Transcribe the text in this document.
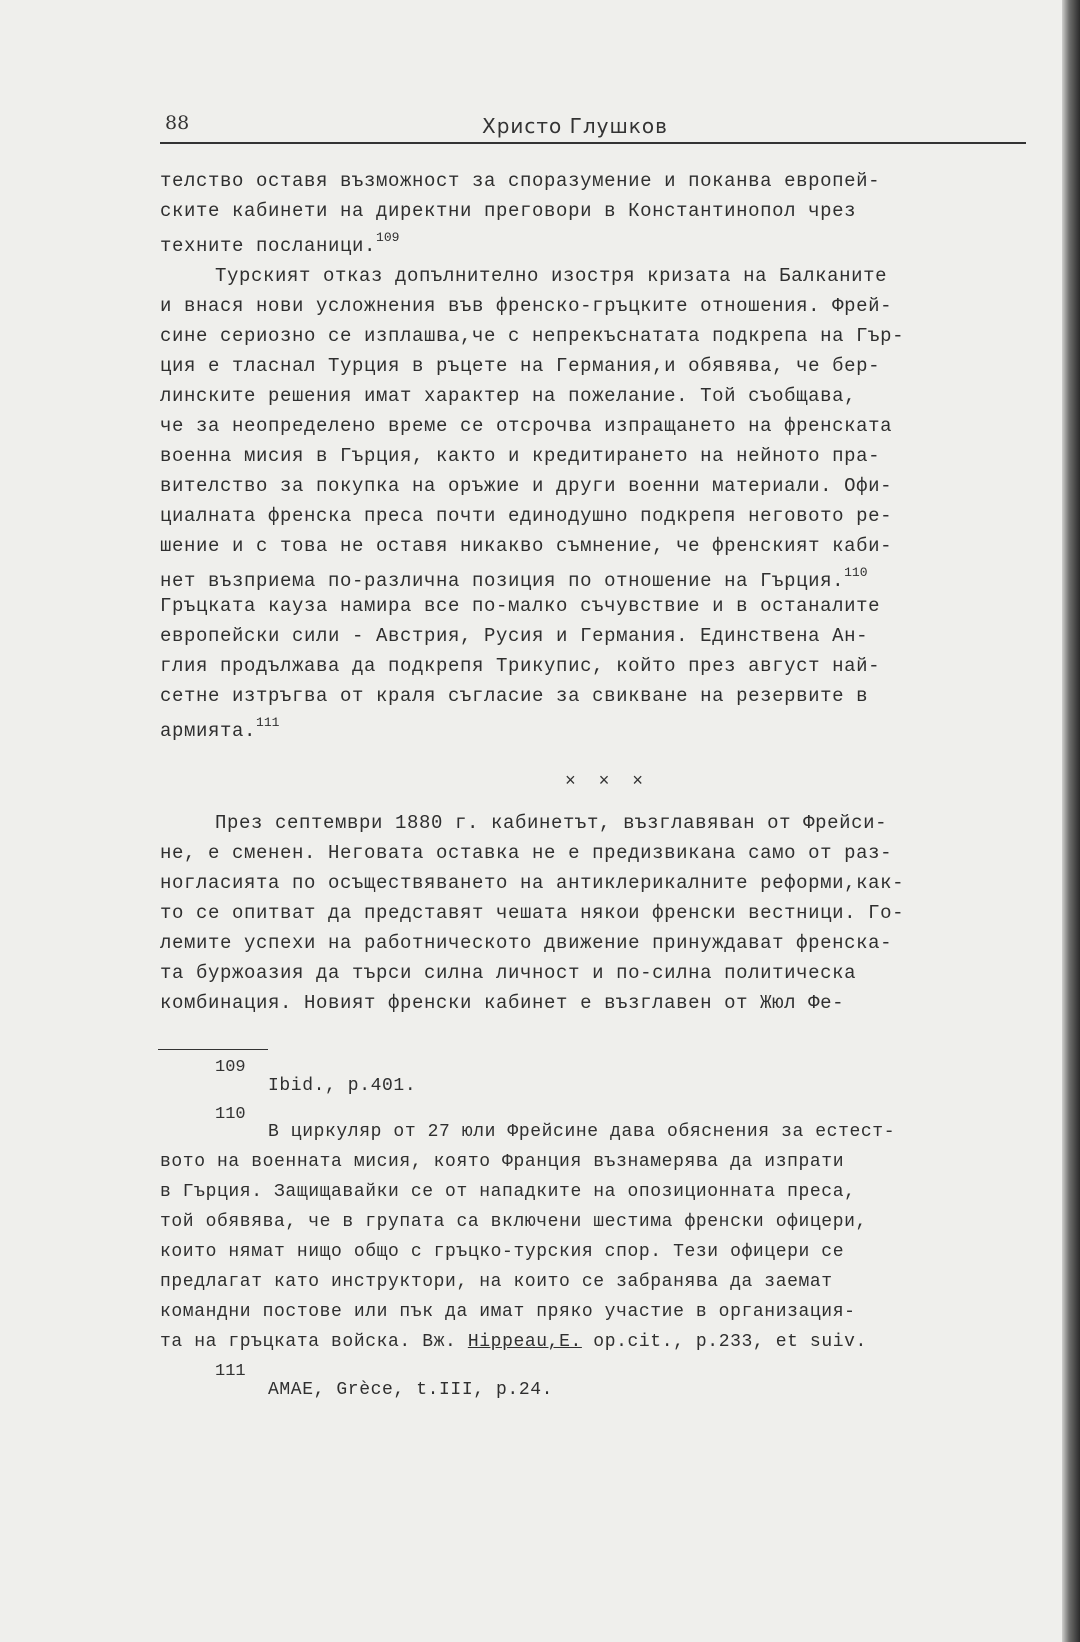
88	Христо Глушков
телство оставя възможност за споразумение и поканва европей-
ските кабинети на директни преговори в Константинопол чрез
техните посланици.$^{109}$
Турският отказ допълнително изостря кризата на Балканите
и внася нови усложнения във френско-гръцките отношения. Фрей-
сине сериозно се изплашва,че с непрекъснатата подкрепа на Гър-
ция е тласнал Турция в ръцете на Германия,и обявява, че бер-
линските решения имат характер на пожелание. Той съобщава,
че за неопределено време се отсрочва изпращането на френската
военна мисия в Гърция, както и кредитирането на нейното пра-
вителство за покупка на оръжие и други военни материали. Офи-
циалната френска преса почти единодушно подкрепя неговото ре-
шение и с това не оставя никакво съмнение, че френският каби-
нет възприема по-различна позиция по отношение на Гърция.$^{110}$
Гръцката кауза намира все по-малко съчувствие и в останалите
европейски сили - Австрия, Русия и Германия. Единствена Ан-
глия продължава да подкрепя Трикупис, който през август най-
сетне изтръгва от краля съгласие за свикване на резервите в
армията.$^{111}$
× × ×
През септември 1880 г. кабинетът, възглавяван от Фрейси-
не, е сменен. Неговата оставка не е предизвикана само от раз-
ногласията по осъществяването на антиклерикалните реформи,как-
то се опитват да представят чешата някои френски вестници. Го-
лемите успехи на работническото движение принуждават френска-
та буржоазия да търси силна личност и по-силна политическа
комбинация. Новият френски кабинет е възглавен от Жюл Фе-
109
Ibid., p.401.
110
В циркуляр от 27 юли Фрейсине дава обяснения за естест-
вото на военната мисия, която Франция възнамерява да изпрати
в Гърция. Защищавайки се от нападките на опозиционната преса,
той обявява, че в групата са включени шестима френски офицери,
които нямат нищо общо с гръцко-турския спор. Тези офицери се
предлагат като инструктори, на които се забранява да заемат
командни постове или пък да имат пряко участие в организация-
та на гръцката войска. Вж. Hippeau,E. op.cit., p.233, et suiv.
111
AMAE, Grèce, t.III, p.24.
